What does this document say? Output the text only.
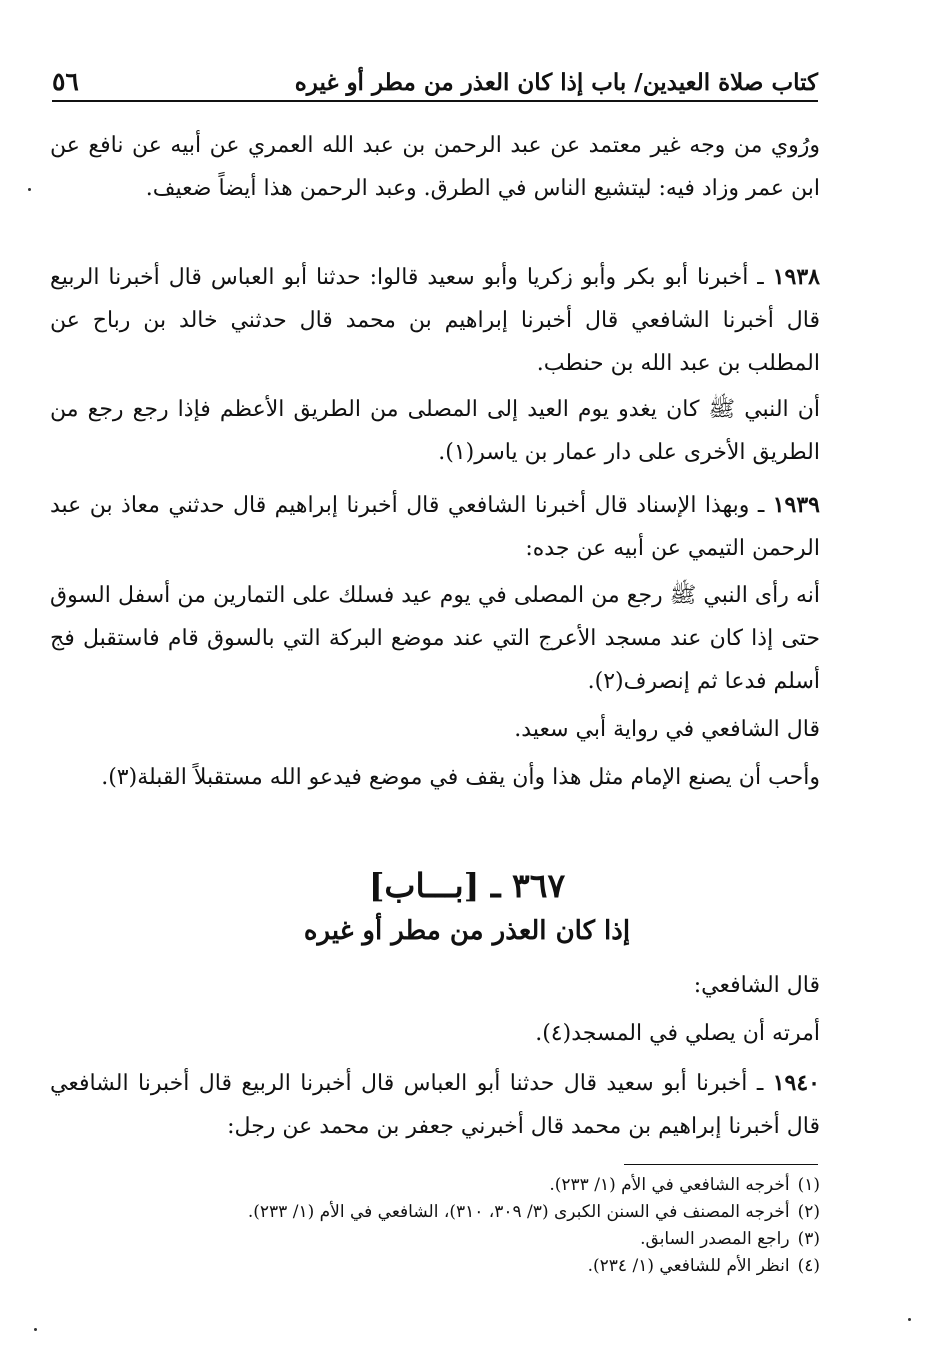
كتاب صلاة العيدين/ باب إذا كان العذر من مطر أو غيره
٥٦
ورُوي من وجه غير معتمد عن عبد الرحمن بن عبد الله العمري عن أبيه عن نافع عن ابن عمر وزاد فيه: ليتشيع الناس في الطرق. وعبد الرحمن هذا أيضاً ضعيف.
١٩٣٨ ـ أخبرنا أبو بكر وأبو زكريا وأبو سعيد قالوا: حدثنا أبو العباس قال أخبرنا الربيع قال أخبرنا الشافعي قال أخبرنا إبراهيم بن محمد قال حدثني خالد بن رباح عن المطلب بن عبد الله بن حنطب.
أن النبي ﷺ كان يغدو يوم العيد إلى المصلى من الطريق الأعظم فإذا رجع رجع من الطريق الأخرى على دار عمار بن ياسر(١).
١٩٣٩ ـ وبهذا الإسناد قال أخبرنا الشافعي قال أخبرنا إبراهيم قال حدثني معاذ بن عبد الرحمن التيمي عن أبيه عن جده:
أنه رأى النبي ﷺ رجع من المصلى في يوم عيد فسلك على التمارين من أسفل السوق حتى إذا كان عند مسجد الأعرج التي عند موضع البركة التي بالسوق قام فاستقبل فج أسلم فدعا ثم إنصرف(٢).
قال الشافعي في رواية أبي سعيد.
وأحب أن يصنع الإمام مثل هذا وأن يقف في موضع فيدعو الله مستقبلاً القبلة(٣).
٣٦٧ ـ [بـــاب]
إذا كان العذر من مطر أو غيره
قال الشافعي:
أمرته أن يصلي في المسجد(٤).
١٩٤٠ ـ أخبرنا أبو سعيد قال حدثنا أبو العباس قال أخبرنا الربيع قال أخبرنا الشافعي قال أخبرنا إبراهيم بن محمد قال أخبرني جعفر بن محمد عن رجل:
(١)أخرجه الشافعي في الأم (١/ ٢٣٣).
(٢)أخرجه المصنف في السنن الكبرى (٣/ ٣٠٩، ٣١٠)، الشافعي في الأم (١/ ٢٣٣).
(٣)راجع المصدر السابق.
(٤)انظر الأم للشافعي (١/ ٢٣٤).
